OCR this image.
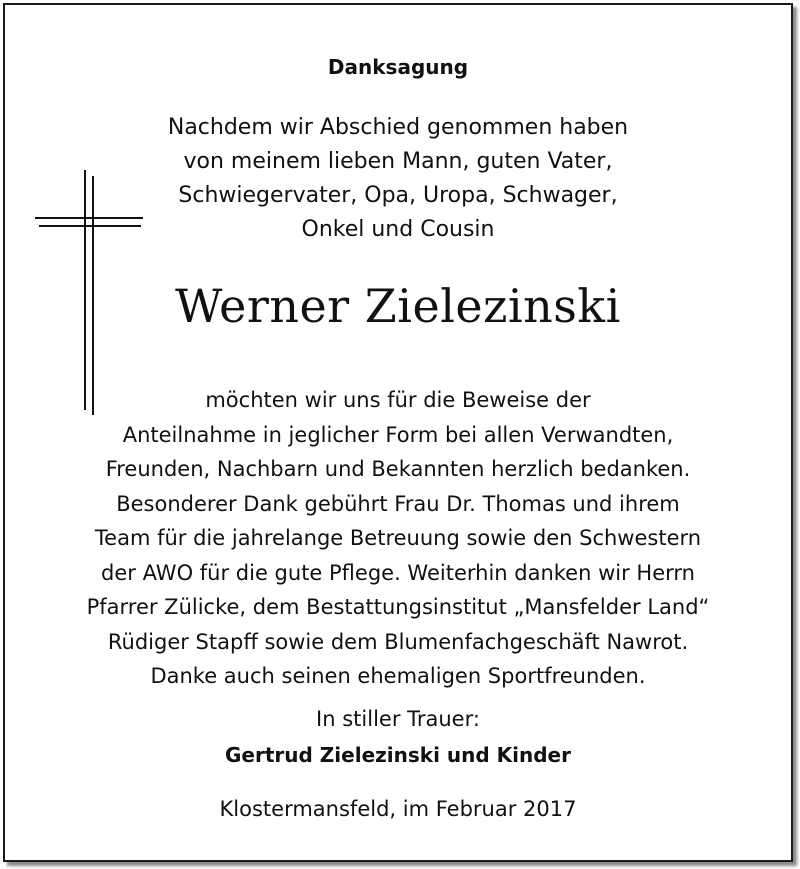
Danksagung
Nachdem wir Abschied genommen haben
von meinem lieben Mann, guten Vater,
Schwiegervater, Opa, Uropa, Schwager,
Onkel und Cousin
Werner Zielezinski
möchten wir uns für die Beweise der
Anteilnahme in jeglicher Form bei allen Verwandten,
Freunden, Nachbarn und Bekannten herzlich bedanken.
Besonderer Dank gebührt Frau Dr. Thomas und ihrem
Team für die jahrelange Betreuung sowie den Schwestern
der AWO für die gute Pflege. Weiterhin danken wir Herrn
Pfarrer Zülicke, dem Bestattungsinstitut „Mansfelder Land“
Rüdiger Stapff sowie dem Blumenfachgeschäft Nawrot.
Danke auch seinen ehemaligen Sportfreunden.
In stiller Trauer:
Gertrud Zielezinski und Kinder
Klostermansfeld, im Februar 2017
